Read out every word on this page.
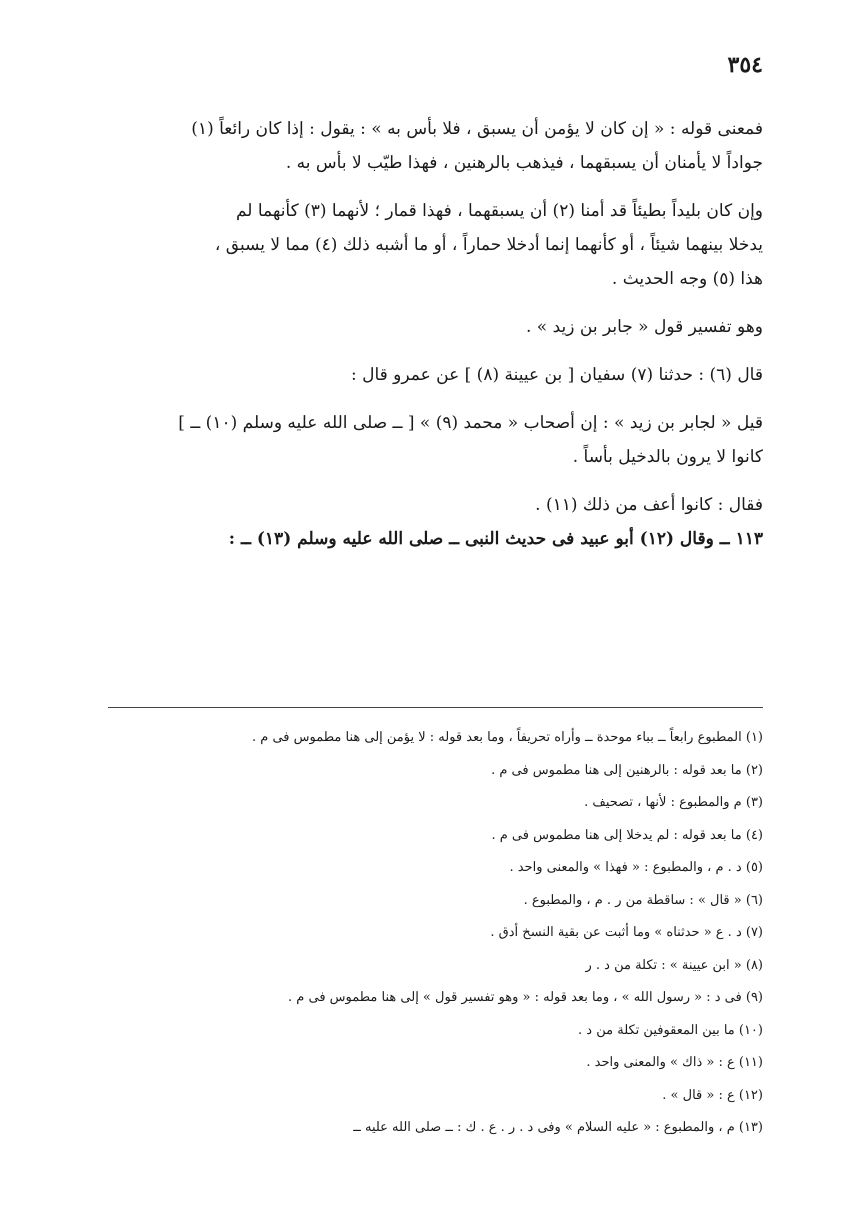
٣٥٤
فمعنى قوله : « إن كان لا يؤمن أن يسبق ، فلا بأس به » : يقول : إذا كان رائعاً (١)
جواداً لا يأمنان أن يسبقهما ، فيذهب بالرهنين ، فهذا طيّب لا بأس به .
وإن كان بليداً بطيئاً قد أمنا (٢) أن يسبقهما ، فهذا قمار ؛ لأنهما (٣) كأنهما لم
يدخلا بينهما شيئاً ، أو كأنهما إنما أدخلا حماراً ، أو ما أشبه ذلك (٤) مما لا يسبق ،
هذا (٥) وجه الحديث .
وهو تفسير قول « جابر بن زيد » .
قال (٦) : حدثنا (٧) سفيان [ بن عيينة (٨) ] عن عمرو قال :
قيل « لجابر بن زيد » : إن أصحاب « محمد (٩) » [ ــ صلى الله عليه وسلم (١٠) ــ ]
كانوا لا يرون بالدخيل بأساً .
فقال : كانوا أعف من ذلك (١١) .
١١٣ ــ وقال (١٢) أبو عبيد فى حديث النبى ــ صلى الله عليه وسلم (١٣) ــ :
(١) المطبوع رابعاً ــ بباء موحدة ــ وأراه تحريفاً ، وما بعد قوله : لا يؤمن إلى هنا مطموس فى م .
(٢) ما بعد قوله : بالرهنين إلى هنا مطموس فى م .
(٣) م والمطبوع : لأنها ، تصحيف .
(٤) ما بعد قوله : لم يدخلا إلى هنا مطموس فى م .
(٥) د . م ، والمطبوع : « فهذا » والمعنى واحد .
(٦) « قال » : ساقطة من ر . م ، والمطبوع .
(٧) د . ع « حدثناه » وما أثبت عن بقية النسخ أدق .
(٨) « ابن عيينة » : تكلة من د . ر
(٩) فى د : « رسول الله » ، وما بعد قوله : « وهو تفسير قول » إلى هنا مطموس فى م .
(١٠) ما بين المعقوفين تكلة من د .
(١١) ع : « ذاك » والمعنى واحد .
(١٢) ع : « قال » .
(١٣) م ، والمطبوع : « عليه السلام » وفى د . ر . ع . ك : ــ صلى الله عليه ــ
